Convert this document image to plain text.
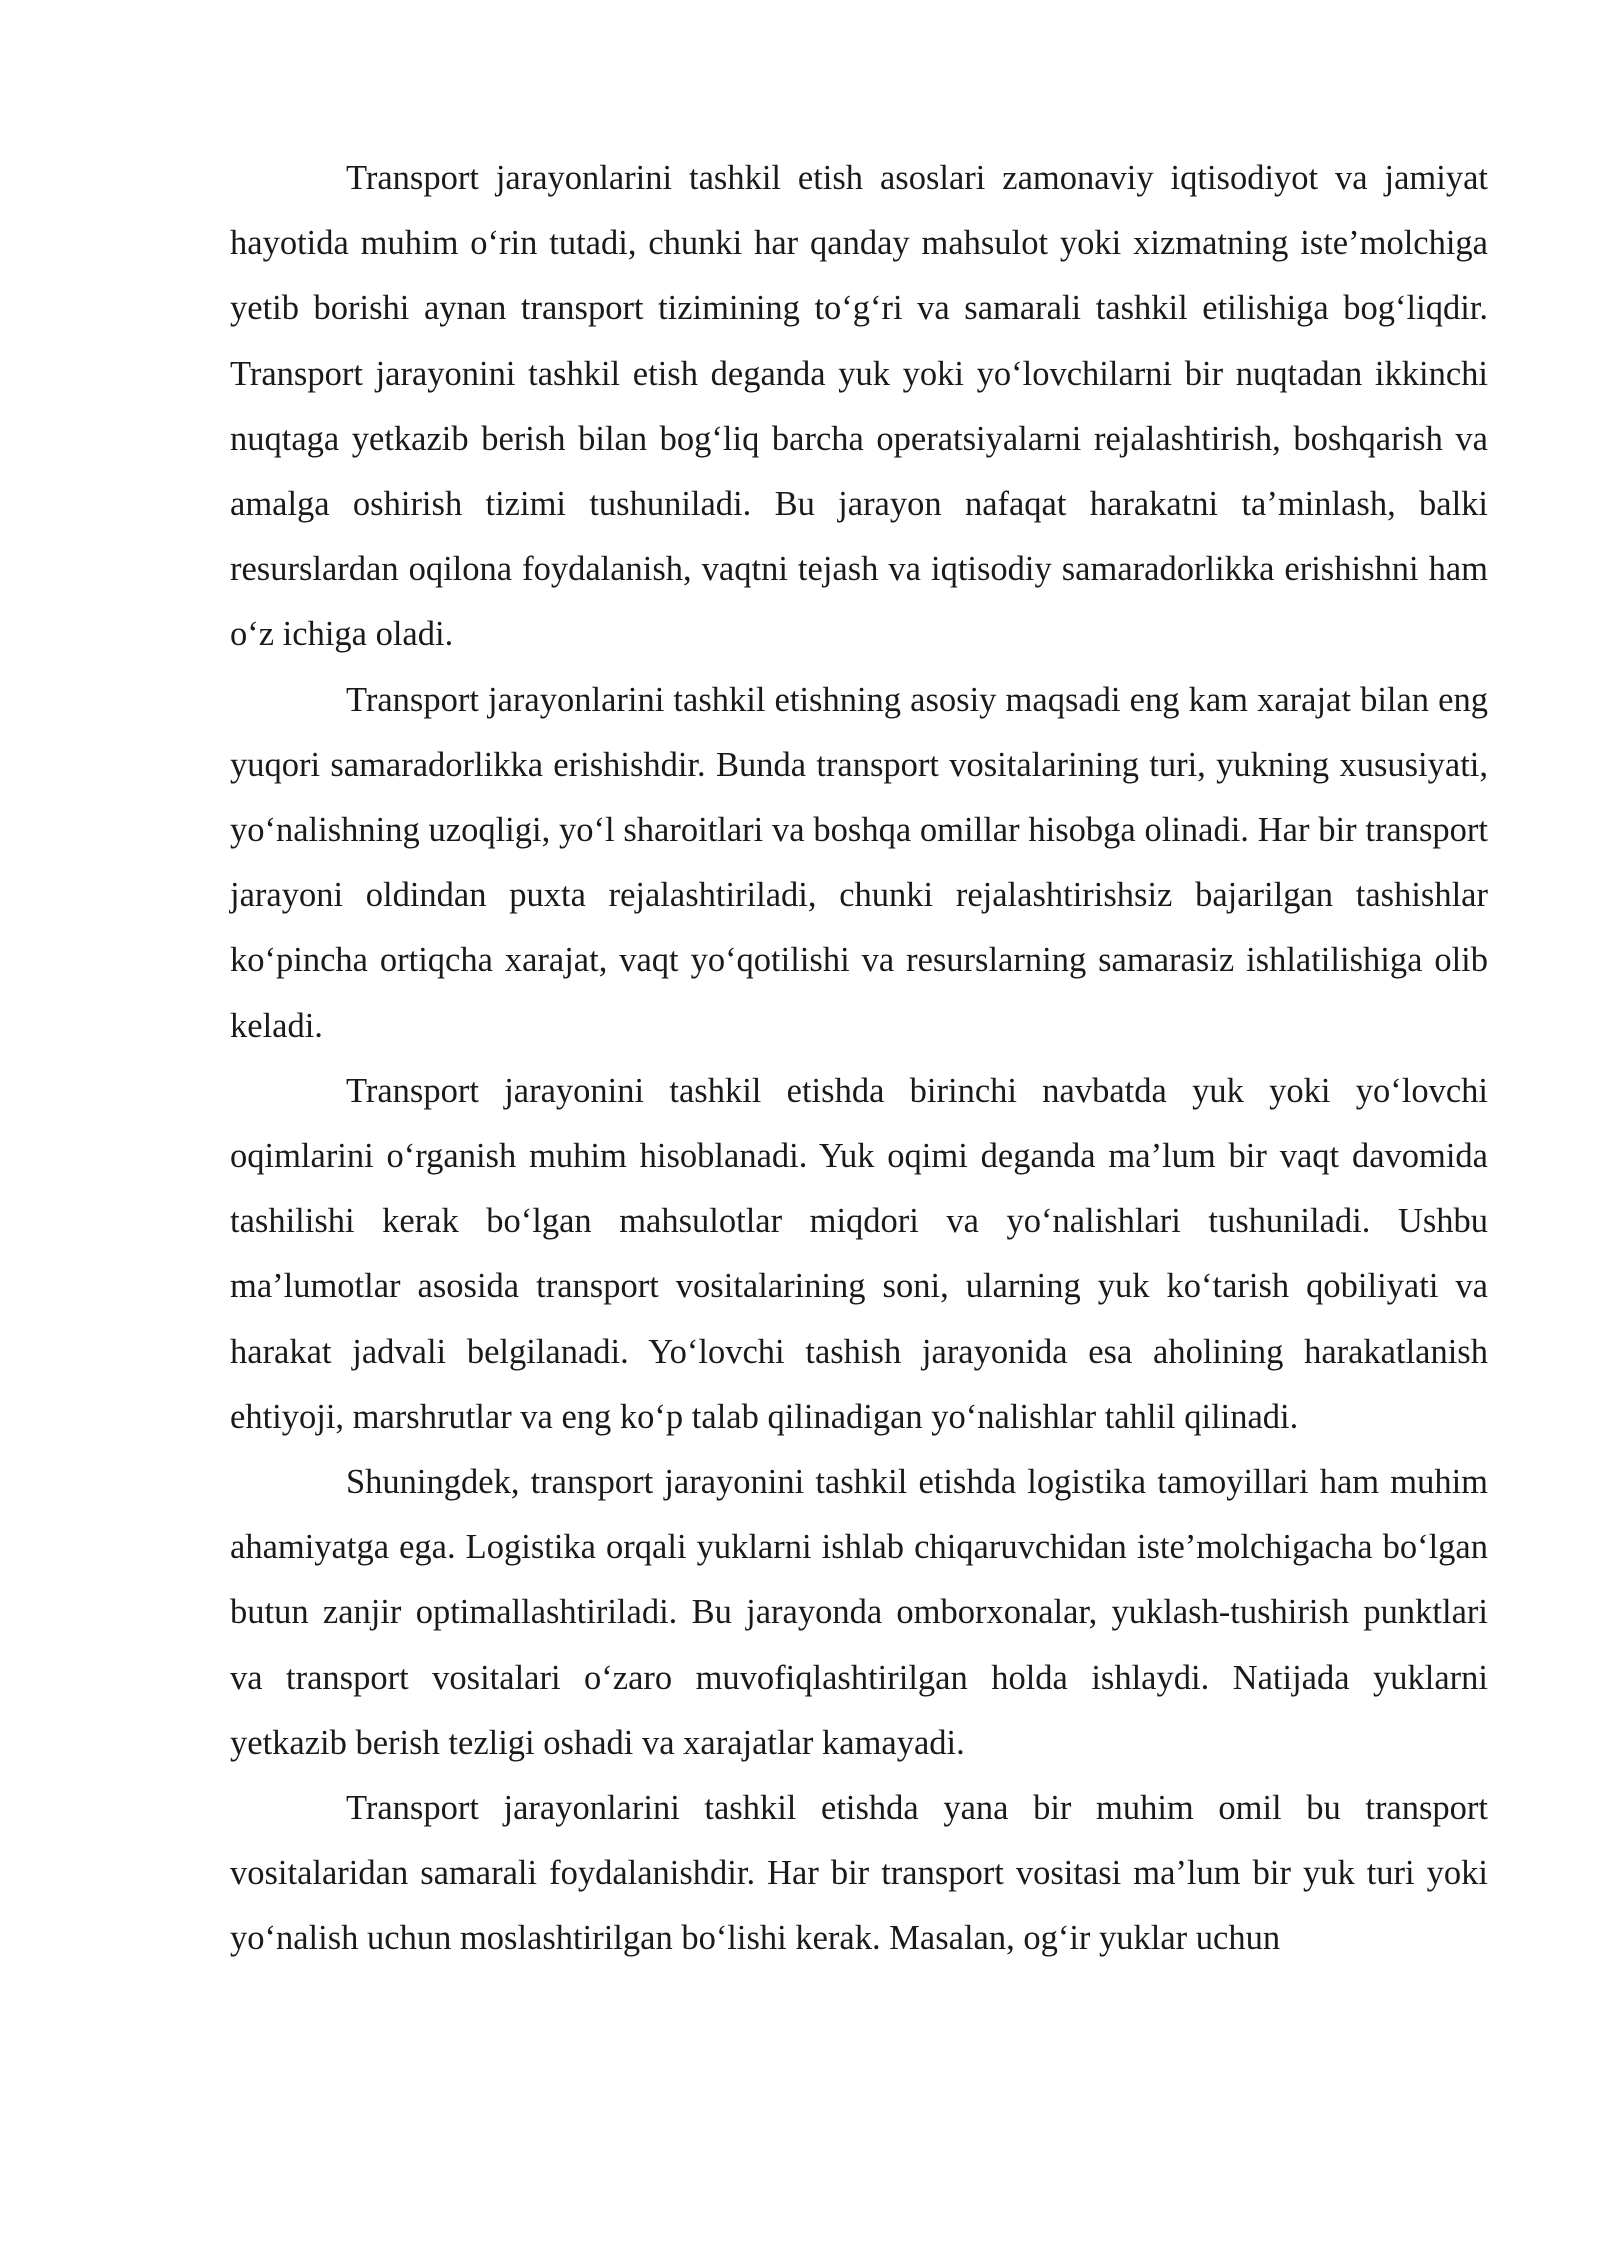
Transport jarayonlarini tashkil etish asoslari zamonaviy iqtisodiyot va jamiyat hayotida muhim o‘rin tutadi, chunki har qanday mahsulot yoki xizmatning iste’molchiga yetib borishi aynan transport tizimining to‘g‘ri va samarali tashkil etilishiga bog‘liqdir. Transport jarayonini tashkil etish deganda yuk yoki yo‘lovchilarni bir nuqtadan ikkinchi nuqtaga yetkazib berish bilan bog‘liq barcha operatsiyalarni rejalashtirish, boshqarish va amalga oshirish tizimi tushuniladi. Bu jarayon nafaqat harakatni ta’minlash, balki resurslardan oqilona foydalanish, vaqtni tejash va iqtisodiy samaradorlikka erishishni ham o‘z ichiga oladi.

Transport jarayonlarini tashkil etishning asosiy maqsadi eng kam xarajat bilan eng yuqori samaradorlikka erishishdir. Bunda transport vositalarining turi, yukning xususiyati, yo‘nalishning uzoqligi, yo‘l sharoitlari va boshqa omillar hisobga olinadi. Har bir transport jarayoni oldindan puxta rejalashtiriladi, chunki rejalashtirishsiz bajarilgan tashishlar ko‘pincha ortiqcha xarajat, vaqt yo‘qotilishi va resurslarning samarasiz ishlatilishiga olib keladi.

Transport jarayonini tashkil etishda birinchi navbatda yuk yoki yo‘lovchi oqimlarini o‘rganish muhim hisoblanadi. Yuk oqimi deganda ma’lum bir vaqt davomida tashilishi kerak bo‘lgan mahsulotlar miqdori va yo‘nalishlari tushuniladi. Ushbu ma’lumotlar asosida transport vositalarining soni, ularning yuk ko‘tarish qobiliyati va harakat jadvali belgilanadi. Yo‘lovchi tashish jarayonida esa aholining harakatlanish ehtiyoji, marshrutlar va eng ko‘p talab qilinadigan yo‘nalishlar tahlil qilinadi.

Shuningdek, transport jarayonini tashkil etishda logistika tamoyillari ham muhim ahamiyatga ega. Logistika orqali yuklarni ishlab chiqaruvchidan iste’molchigacha bo‘lgan butun zanjir optimallashtiriladi. Bu jarayonda omborxonalar, yuklash-tushirish punktlari va transport vositalari o‘zaro muvofiqlashtirilgan holda ishlaydi. Natijada yuklarni yetkazib berish tezligi oshadi va xarajatlar kamayadi.

Transport jarayonlarini tashkil etishda yana bir muhim omil bu transport vositalaridan samarali foydalanishdir. Har bir transport vositasi ma’lum bir yuk turi yoki yo‘nalish uchun moslashtirilgan bo‘lishi kerak. Masalan, og‘ir yuklar uchun
